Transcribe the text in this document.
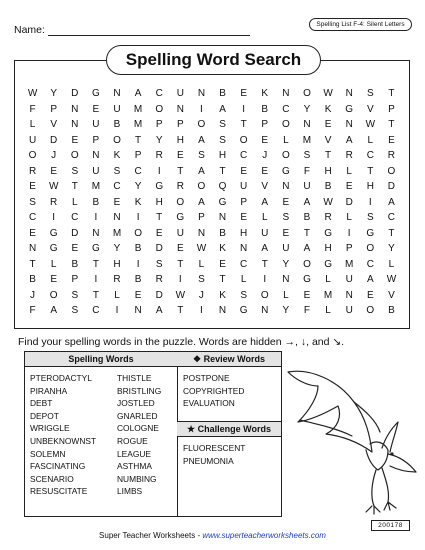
Name:	Spelling List F-4: Silent Letters
Spelling Word Search
W	Y	D	G	N	A	C	U	N	B	E	K	N	O	W	N	S	T
F	P	N	E	U	M	O	N	I	A	I	B	C	Y	K	G	V	P
L	V	N	U	B	M	P	P	O	S	T	P	O	N	E	N	W	T
U	D	E	P	O	T	Y	H	A	S	O	E	L	M	V	A	L	E
O	J	O	N	K	P	R	E	S	H	C	J	O	S	T	R	C	R
R	E	S	U	S	C	I	T	A	T	E	E	G	F	H	L	T	O
E	W	T	M	C	Y	G	R	O	Q	U	V	N	U	B	E	H	D
S	R	L	B	E	K	H	O	A	G	P	A	E	A	W	D	I	A
C	I	C	I	N	I	T	G	P	N	E	L	S	B	R	L	S	C
E	G	D	N	M	O	E	U	N	B	H	U	E	T	G	I	G	T
N	G	E	G	Y	B	D	E	W	K	N	A	U	A	H	P	O	Y
T	L	B	T	H	I	S	T	L	E	C	T	Y	O	G	M	C	L
B	E	P	I	R	B	R	I	S	T	L	I	N	G	L	U	A	W
J	O	S	T	L	E	D	W	J	K	S	O	L	E	M	N	E	V
F	A	S	C	I	N	A	T	I	N	G	N	Y	F	L	U	O	B
Find your spelling words in the puzzle. Words are hidden →, ↓, and ↘.
Spelling Words	❖ Review Words
★ Challenge Words
PTERODACTYL
PIRANHA
DEBT
DEPOT
WRIGGLE
UNBEKNOWNST
SOLEMN
FASCINATING
SCENARIO
RESUSCITATE
THISTLE
BRISTLING
JOSTLED
GNARLED
COLOGNE
ROGUE
LEAGUE
ASTHMA
NUMBING
LIMBS
POSTPONE
COPYRIGHTED
EVALUATION
FLUORESCENT
PNEUMONIA
Super Teacher Worksheets - www.superteacherworksheets.com
200178
